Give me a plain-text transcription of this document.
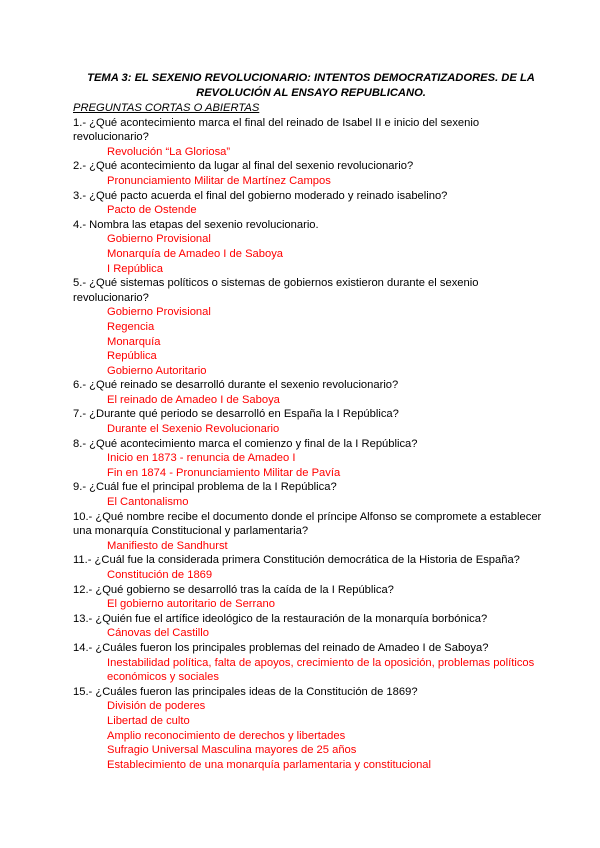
TEMA 3: EL SEXENIO REVOLUCIONARIO: INTENTOS DEMOCRATIZADORES. DE LA REVOLUCIÓN AL ENSAYO REPUBLICANO.
PREGUNTAS CORTAS O ABIERTAS

1.- ¿Qué acontecimiento marca el final del reinado de Isabel II e inicio del sexenio revolucionario?

Revolución “La Gloriosa”

2.- ¿Qué acontecimiento da lugar al final del sexenio revolucionario?

Pronunciamiento Militar de Martínez Campos

3.- ¿Qué pacto acuerda el final del gobierno moderado y reinado isabelino?

Pacto de Ostende

4.- Nombra las etapas del sexenio revolucionario.

Gobierno Provisional

Monarquía de Amadeo I de Saboya

I República

5.- ¿Qué sistemas políticos o sistemas de gobiernos existieron durante el sexenio revolucionario?

Gobierno Provisional

Regencia

Monarquía

República

Gobierno Autoritario

6.- ¿Qué reinado se desarrolló durante el sexenio revolucionario?

El reinado de Amadeo I de Saboya

7.- ¿Durante qué periodo se desarrolló en España la I República?

Durante el Sexenio Revolucionario

8.- ¿Qué acontecimiento marca el comienzo y final de la I República?

Inicio en 1873 - renuncia de Amadeo I

Fin en 1874 - Pronunciamiento Militar de Pavía

9.- ¿Cuál fue el principal problema de la I República?

El Cantonalismo

10.- ¿Qué nombre recibe el documento donde el príncipe Alfonso se compromete a establecer una monarquía Constitucional y parlamentaria?

Manifiesto de Sandhurst

11.- ¿Cuál fue la considerada primera Constitución democrática de la Historia de España?

Constitución de 1869

12.- ¿Qué gobierno se desarrolló tras la caída de la I República?

El gobierno autoritario de Serrano

13.- ¿Quién fue el artífice ideológico de la restauración de la monarquía borbónica?

Cánovas del Castillo

14.- ¿Cuáles fueron los principales problemas del reinado de Amadeo I de Saboya?

Inestabilidad política, falta de apoyos, crecimiento de la oposición, problemas políticos económicos y sociales

15.- ¿Cuáles fueron las principales ideas de la Constitución de 1869?

División de poderes

Libertad de culto

Amplio reconocimiento de derechos y libertades

Sufragio Universal Masculina mayores de 25 años

Establecimiento de una monarquía parlamentaria y constitucional
